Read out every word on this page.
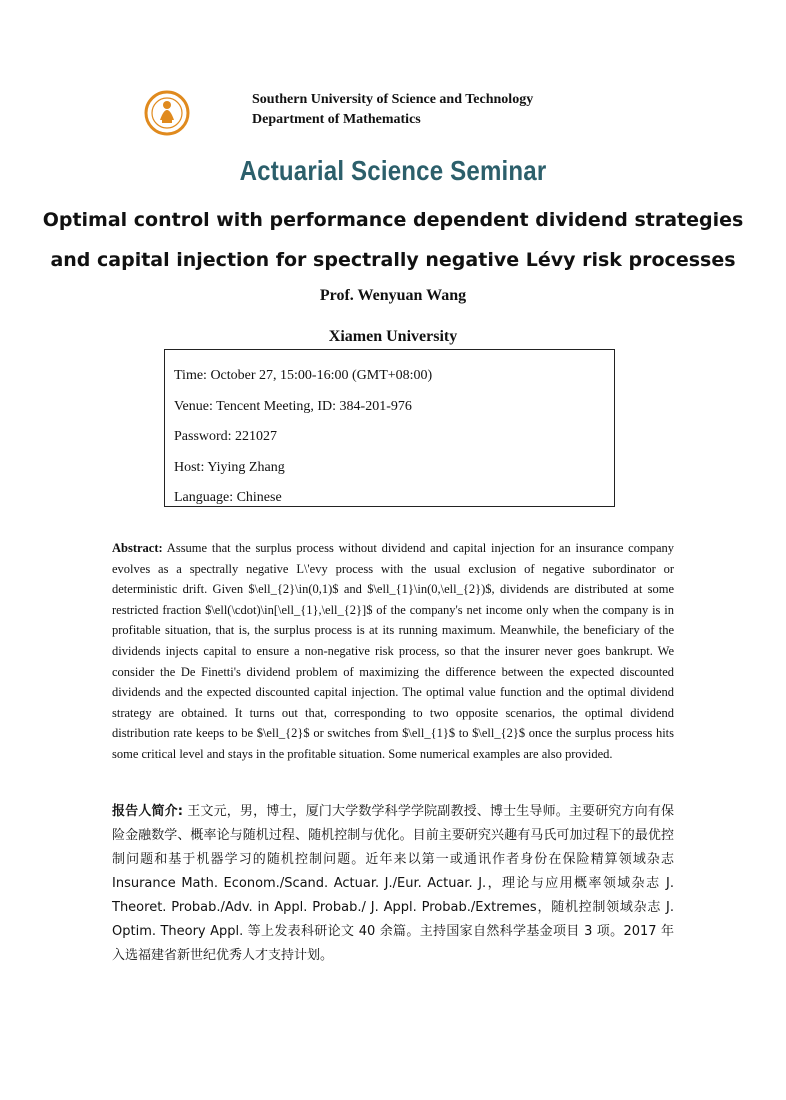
Southern University of Science and Technology
Department of Mathematics
Actuarial Science Seminar
Optimal control with performance dependent dividend strategies
and capital injection for spectrally negative Lévy risk processes
Prof. Wenyuan Wang
Xiamen University
Time: October 27, 15:00-16:00 (GMT+08:00)
Venue: Tencent Meeting, ID: 384-201-976
Password: 221027
Host: Yiying Zhang
Language: Chinese
Abstract: Assume that the surplus process without dividend and capital injection for an insurance company evolves as a spectrally negative L\'evy process with the usual exclusion of negative subordinator or deterministic drift. Given $\ell_{2}\in(0,1)$ and $\ell_{1}\in(0,\ell_{2})$, dividends are distributed at some restricted fraction $\ell(\cdot)\in[\ell_{1},\ell_{2}]$ of the company's net income only when the company is in profitable situation, that is, the surplus process is at its running maximum. Meanwhile, the beneficiary of the dividends injects capital to ensure a non-negative risk process, so that the insurer never goes bankrupt. We consider the De Finetti's dividend problem of maximizing the difference between the expected discounted dividends and the expected discounted capital injection. The optimal value function and the optimal dividend strategy are obtained. It turns out that, corresponding to two opposite scenarios, the optimal dividend distribution rate keeps to be $\ell_{2}$ or switches from $\ell_{1}$ to $\ell_{2}$ once the surplus process hits some critical level and stays in the profitable situation. Some numerical examples are also provided.
报告人简介: 王文元，男，博士，厦门大学数学科学学院副教授、博士生导师。主要研究方向有保险金融数学、概率论与随机过程、随机控制与优化。目前主要研究兴趣有马氏可加过程下的最优控制问题和基于机器学习的随机控制问题。近年来以第一或通讯作者身份在保险精算领域杂志 Insurance Math. Econom./Scand. Actuar. J./Eur. Actuar. J.，理论与应用概率领域杂志 J. Theoret. Probab./Adv. in Appl. Probab./ J. Appl. Probab./Extremes，随机控制领域杂志 J. Optim. Theory Appl. 等上发表科研论文 40 余篇。主持国家自然科学基金项目 3 项。2017 年入选福建省新世纪优秀人才支持计划。
